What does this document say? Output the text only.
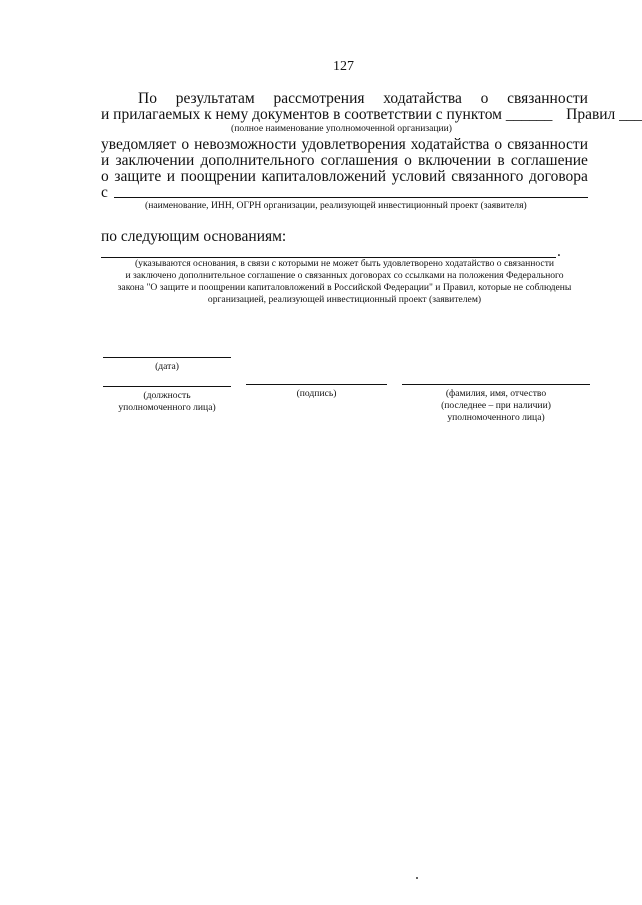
127
По результатам рассмотрения ходатайства о связанности
и прилагаемых к нему документов в соответствии с пунктом ______ Правил ___
(полное наименование уполномоченной организации)
уведомляет о невозможности удовлетворения ходатайства о связанности
и заключении дополнительного соглашения о включении в соглашение
о защите и поощрении капиталовложений условий связанного договора
с
(наименование, ИНН, ОГРН организации, реализующей инвестиционный проект (заявителя)
по следующим основаниям:
.
(указываются основания, в связи с которыми не может быть удовлетворено ходатайство о связанности
и заключено дополнительное соглашение о связанных договорах со ссылками на положения Федерального
закона "О защите и поощрении капиталовложений в Российской Федерации" и Правил, которые не соблюдены
организацией, реализующей инвестиционный проект (заявителем)
(дата)
(должность
уполномоченного лица)
(подпись)	(фамилия, имя, отчество
(последнее – при наличии)
уполномоченного лица)
